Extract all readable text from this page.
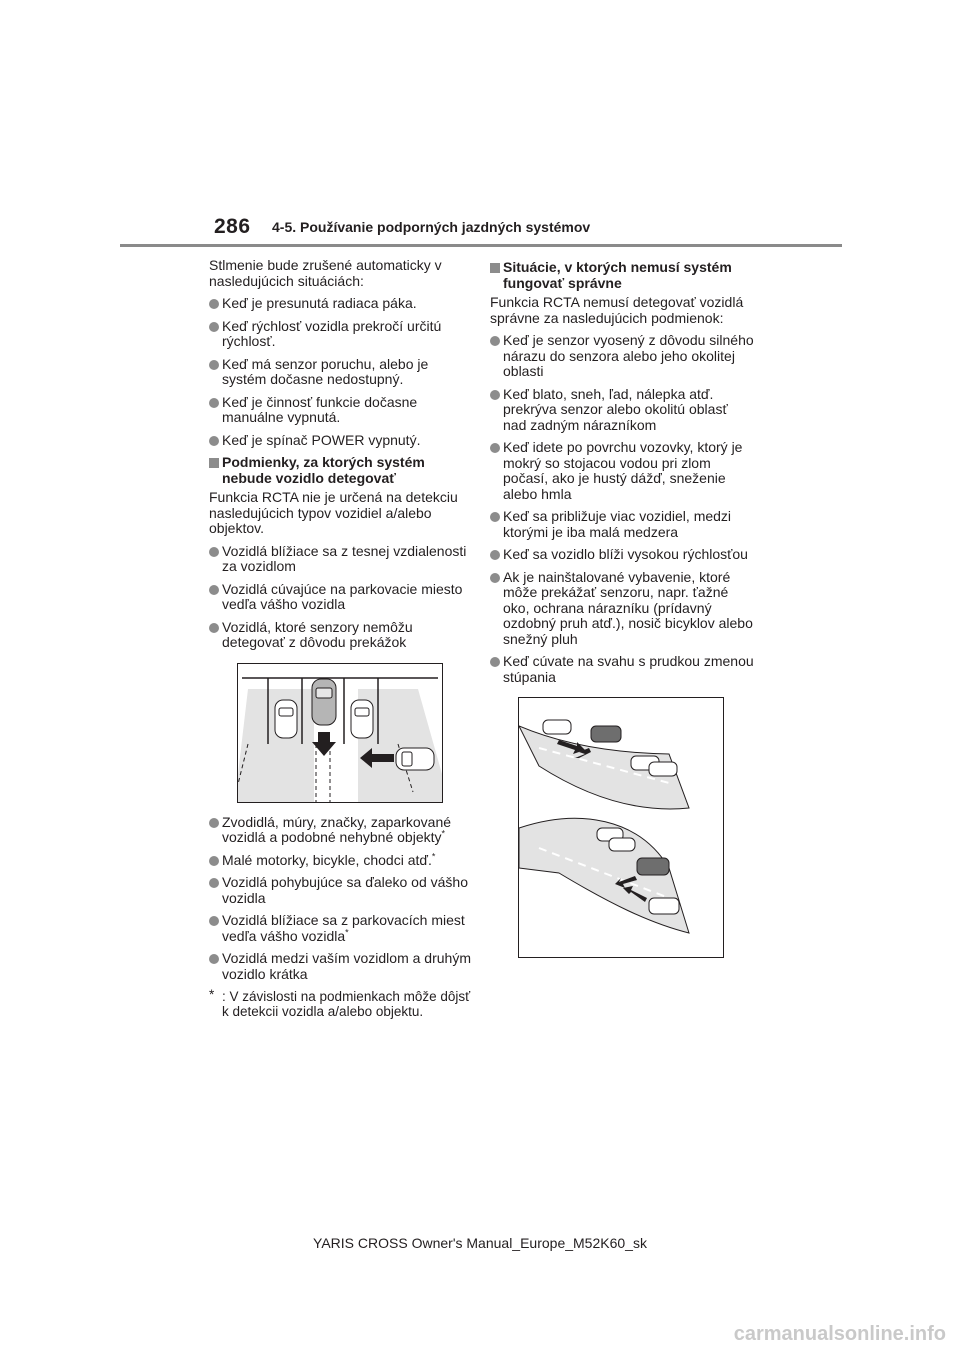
286 4-5. Používanie podporných jazdných systémov

Stlmenie bude zrušené automaticky v nasledujúcich situáciách:

Keď je presunutá radiaca páka.
Keď rýchlosť vozidla prekročí určitú rýchlosť.
Keď má senzor poruchu, alebo je systém dočasne nedostupný.
Keď je činnosť funkcie dočasne manuálne vypnutá.
Keď je spínač POWER vypnutý.
Podmienky, za ktorých systém nebude vozidlo detegovať

Funkcia RCTA nie je určená na detekciu nasledujúcich typov vozidiel a/alebo objektov.

Vozidlá blížiace sa z tesnej vzdialenosti za vozidlom
Vozidlá cúvajúce na parkovacie miesto vedľa vášho vozidla
Vozidlá, ktoré senzory nemôžu detegovať z dôvodu prekážok
Zvodidlá, múry, značky, zaparkované vozidlá a podobné nehybné objekty*
Malé motorky, bicykle, chodci atď.*
Vozidlá pohybujúce sa ďaleko od vášho vozidla
Vozidlá blížiace sa z parkovacích miest vedľa vášho vozidla*
Vozidlá medzi vaším vozidlom a druhým vozidlo krátka
* : V závislosti na podmienkach môže dôjsť k detekcii vozidla a/alebo objektu.
Situácie, v ktorých nemusí systém fungovať správne

Funkcia RCTA nemusí detegovať vozidlá správne za nasledujúcich podmienok:

Keď je senzor vyosený z dôvodu silného nárazu do senzora alebo jeho okolitej oblasti
Keď blato, sneh, ľad, nálepka atď. prekrýva senzor alebo okolitú oblasť nad zadným nárazníkom
Keď idete po povrchu vozovky, ktorý je mokrý so stojacou vodou pri zlom počasí, ako je hustý dážď, sneženie alebo hmla
Keď sa približuje viac vozidiel, medzi ktorými je iba malá medzera
Keď sa vozidlo blíži vysokou rýchlosťou
Ak je nainštalované vybavenie, ktoré môže prekážať senzoru, napr. ťažné oko, ochrana nárazníku (prídavný ozdobný pruh atď.), nosič bicyklov alebo snežný pluh
Keď cúvate na svahu s prudkou zmenou stúpania
YARIS CROSS Owner's Manual_Europe_M52K60_sk
carmanualsonline.info
